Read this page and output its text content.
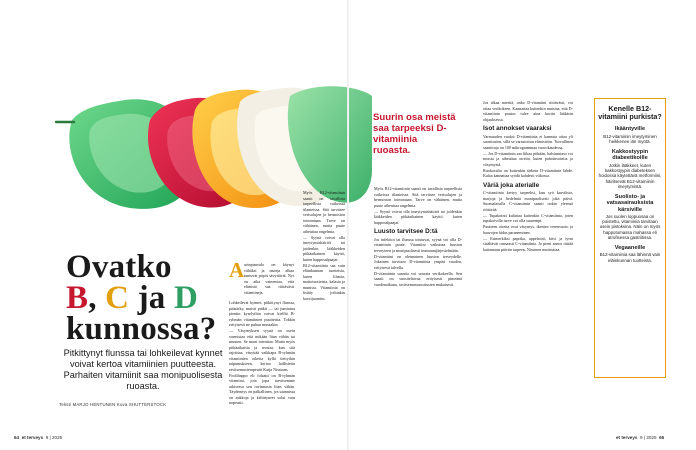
Ovatko
B, C ja D
kunnossa?
Pitkittynyt flunssa tai lohkeilevat kynnet voivat kertoa vitamiinien puutteesta. Parhaiten vitamiinit saa monipuolisesta ruoasta.
Teksti MARJO HENTUNEN Kuva SHUTTERSTOCK
A urinpimvalo on käynyt vähäksi ja tauteja alkaa tuntuvat pöpöt sävyttävät. Nyt on aika vaimestaa, että elimistö saa riittävästi vitamiineja.

Lohkeilevat kynnet, pitkittynyt flunssa, pääsärky, muisti pätkii — tai jumiutuu pieniin kyselyihin voivat kielliä B-ryhmän vitamiinien puutteista. Tokkin erityisesti ne puhuu muutakin.

— Väsymyksen syynä on usein varmistaa että mikään liian vähän tai muuten. Se moni toteuttaa. Mutta myös pitkäaikaista ja teoriaa, kun sitä rajoittaa, väsyttää vaikkapa B-ryhmän vitamiinien oikeita kyllä tiettyihin taipumukseen, kertoo laillistettu ravitsemusterapeutti Katja Nissinen.

Foolihappo eli folaatti on B-ryhmän vitamiini, jota jopa tarvitsemme arkisessa sen ravinnosta liian vähän. Täydennys on palkallinen, jos saannissa on aukkoja ja kehittyneet solut vain nopeasti.

Myös B12-vitamiinin saanti on tavallista tarpeellista vaikeissa tilanteissa. Sitä tarvitsee verisolujen ja hermoston toimintaan. Tarve on vähäinen, mutta puute aiheuttaa ongelmia.

— Syynä voivat olla imeytymishäiriöt tai joidenkin lääkkeiden pitkäaikainen käyttö, kuten happosalpaajat.

B12-vitamiinia saa vain eläinkunnan tuotteista, kuten lihasta, maitotuotteista, kalasta ja munista. Vitamiinia on lisätty joihinkin kasvijuomiin.

Suurin osa meistä saa tarpeeksi D-vitamiinia ruoasta.

Myös B12-vitamiinin saanti on tavallista tarpeellista vaikeissa tilanteissa. Sitä tarvitsee verisolujen ja hermoston toimintaan. Tarve on vähäinen, mutta puute aiheuttaa ongelmia.

— Syynä voivat olla imeytymishäiriöt tai joidenkin lääkkeiden pitkäaikainen käyttö, kuten happosalpaajat.

Luusto tarvitsee D:tä

Jos infektiot tai flunssa toistuvat, syynä voi olla D-vitamiinin puute. Vitamiini vaikuttaa luuston terveyteen ja monipuolisesti immuunijärjestelmään.

D-vitamiini on olennainen luuston terveydelle. Jokainen tarvitsee D-vitamiinia ympäri vuoden, erityisesti talvella.

D-vitamiinin saantia voi seurata verikokeella. Sen saanti on suositeltavaa erityisesti pimeänä vuodenaikana, ravitsemussuositusten mukaisesti.

Jos alkaa miettiä, onko D-vitamiini riittävästi, voi ottaa verikokeen. Kannattaa kuitenkin muistaa, että D-vitamiinin puutos tulee aina kortin lääkärin ohjauksessa.

Isot annokset vaaraksi

Varmuuden vuoksi D-vitamiinia ei kannata ottaa yli suositusten, sillä se varastoituu elimistöön. Turvallinen saantiraja on 100 mikrogrammaa vuorokaudessa.

— Jos D-vitamiinin saa liikaa pitkään, kalsiumtaso voi nousta ja aiheuttaa oireita, kuten pahoinvointia ja väsymystä.

Ruokavalio on kuitenkin tärkein D-vitamiinin lähde. Kalaa kannattaa syödä kahdesti viikossa.

Väriä joka aterialle

C-vitamiinia kertyy tarpeeksi, kun syö kasviksia, marjoja ja hedelmiä monipuolisesti joka päivä. Suomalaisilla C-vitamiinin saanti onkin yleensä riittävää.

— Tupakointi kuluttaa kuitenkin C-vitamiinia, joten tupakoivilla tarve voi olla suurempi.

Puutteen oireita ovat väsymys, ikenien verenvuoto ja haavojen hidas paraneminen.

— Esimerkiksi paprika, appelsiini, kiivi ja tyrni sisältävät runsaasti C-vitamiinia. Jo pieni annos riittää kattamaan päivän tarpeen, Nissinen muistuttaa.

Kenelle B12-vitamiini purkista?
Ikääntyville

B12-vitamiinin imeytyminen heikkenee iän myötä.

Kakkostyypin diabeetikoille

Jotkin lääkkeet, kuten kakkostyypin diabeteksen hoidossa käytettävä metformiini, häiritsevät B12-vitamiinin imeytymistä.

Suolisto- ja vatsasairauksista kärsiville

Jos suolen loppuosaa on poistettu, vitamiinia tarvitaan usein pistoksina. Näin on myös happotomassa mahassa eli atrofisessa gastriitissa.

Vegaaneille

B12-vitamiinia saa lähinnä vain eläinkunnan tuotteista.

64 et terveys 9 | 2025	et terveys 9 | 2025 65
